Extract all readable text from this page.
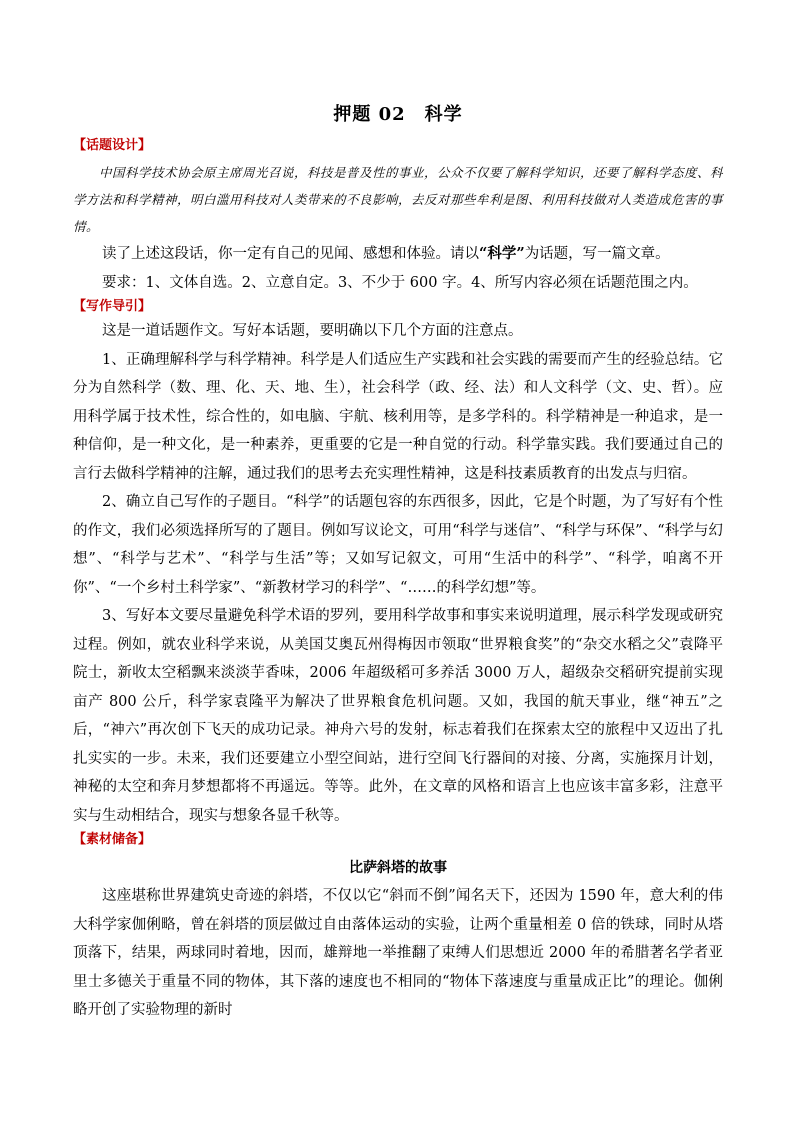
押题 02　科学
【话题设计】

中国科学技术协会原主席周光召说，科技是普及性的事业，公众不仅要了解科学知识，还要了解科学态度、科学方法和科学精神，明白滥用科技对人类带来的不良影响，去反对那些牟利是图、利用科技做对人类造成危害的事情。

读了上述这段话，你一定有自己的见闻、感想和体验。请以“科学”为话题，写一篇文章。

要求：1、文体自选。2、立意自定。3、不少于 600 字。4、所写内容必须在话题范围之内。

【写作导引】

这是一道话题作文。写好本话题，要明确以下几个方面的注意点。

1、正确理解科学与科学精神。科学是人们适应生产实践和社会实践的需要而产生的经验总结。它分为自然科学（数、理、化、天、地、生），社会科学（政、经、法）和人文科学（文、史、哲）。应用科学属于技术性，综合性的，如电脑、宇航、核利用等，是多学科的。科学精神是一种追求，是一种信仰，是一种文化，是一种素养，更重要的它是一种自觉的行动。科学靠实践。我们要通过自己的言行去做科学精神的注解，通过我们的思考去充实理性精神，这是科技素质教育的出发点与归宿。

2、确立自己写作的子题目。“科学”的话题包容的东西很多，因此，它是个时题，为了写好有个性的作文，我们必须选择所写的了题目。例如写议论文，可用“科学与迷信”、“科学与环保”、“科学与幻想”、“科学与艺术”、“科学与生活”等；又如写记叙文，可用“生活中的科学”、“科学，咱离不开你”、“一个乡村土科学家”、“新教材学习的科学”、“……的科学幻想”等。

3、写好本文要尽量避免科学术语的罗列，要用科学故事和事实来说明道理，展示科学发现或研究过程。例如，就农业科学来说，从美国艾奥瓦州得梅因市领取“世界粮食奖”的“杂交水稻之父”袁降平院士，新收太空稻飘来淡淡芋香味，2006 年超级稻可多养活 3000 万人，超级杂交稻研究提前实现亩产 800 公斤，科学家袁隆平为解决了世界粮食危机问题。又如，我国的航天事业，继“神五”之后，“神六”再次创下飞天的成功记录。神舟六号的发射，标志着我们在探索太空的旅程中又迈出了扎扎实实的一步。未来，我们还要建立小型空间站，进行空间飞行器间的对接、分离，实施探月计划，神秘的太空和奔月梦想都将不再遥远。等等。此外，在文章的风格和语言上也应该丰富多彩，注意平实与生动相结合，现实与想象各显千秋等。

【素材储备】
比萨斜塔的故事

这座堪称世界建筑史奇迹的斜塔，不仅以它“斜而不倒”闻名天下，还因为 1590 年，意大利的伟大科学家伽俐略，曾在斜塔的顶层做过自由落体运动的实验，让两个重量相差 0 倍的铁球，同时从塔顶落下，结果，两球同时着地，因而，雄辩地一举推翻了束缚人们思想近 2000 年的希腊著名学者亚里士多德关于重量不同的物体，其下落的速度也不相同的“物体下落速度与重量成正比”的理论。伽俐略开创了实验物理的新时
